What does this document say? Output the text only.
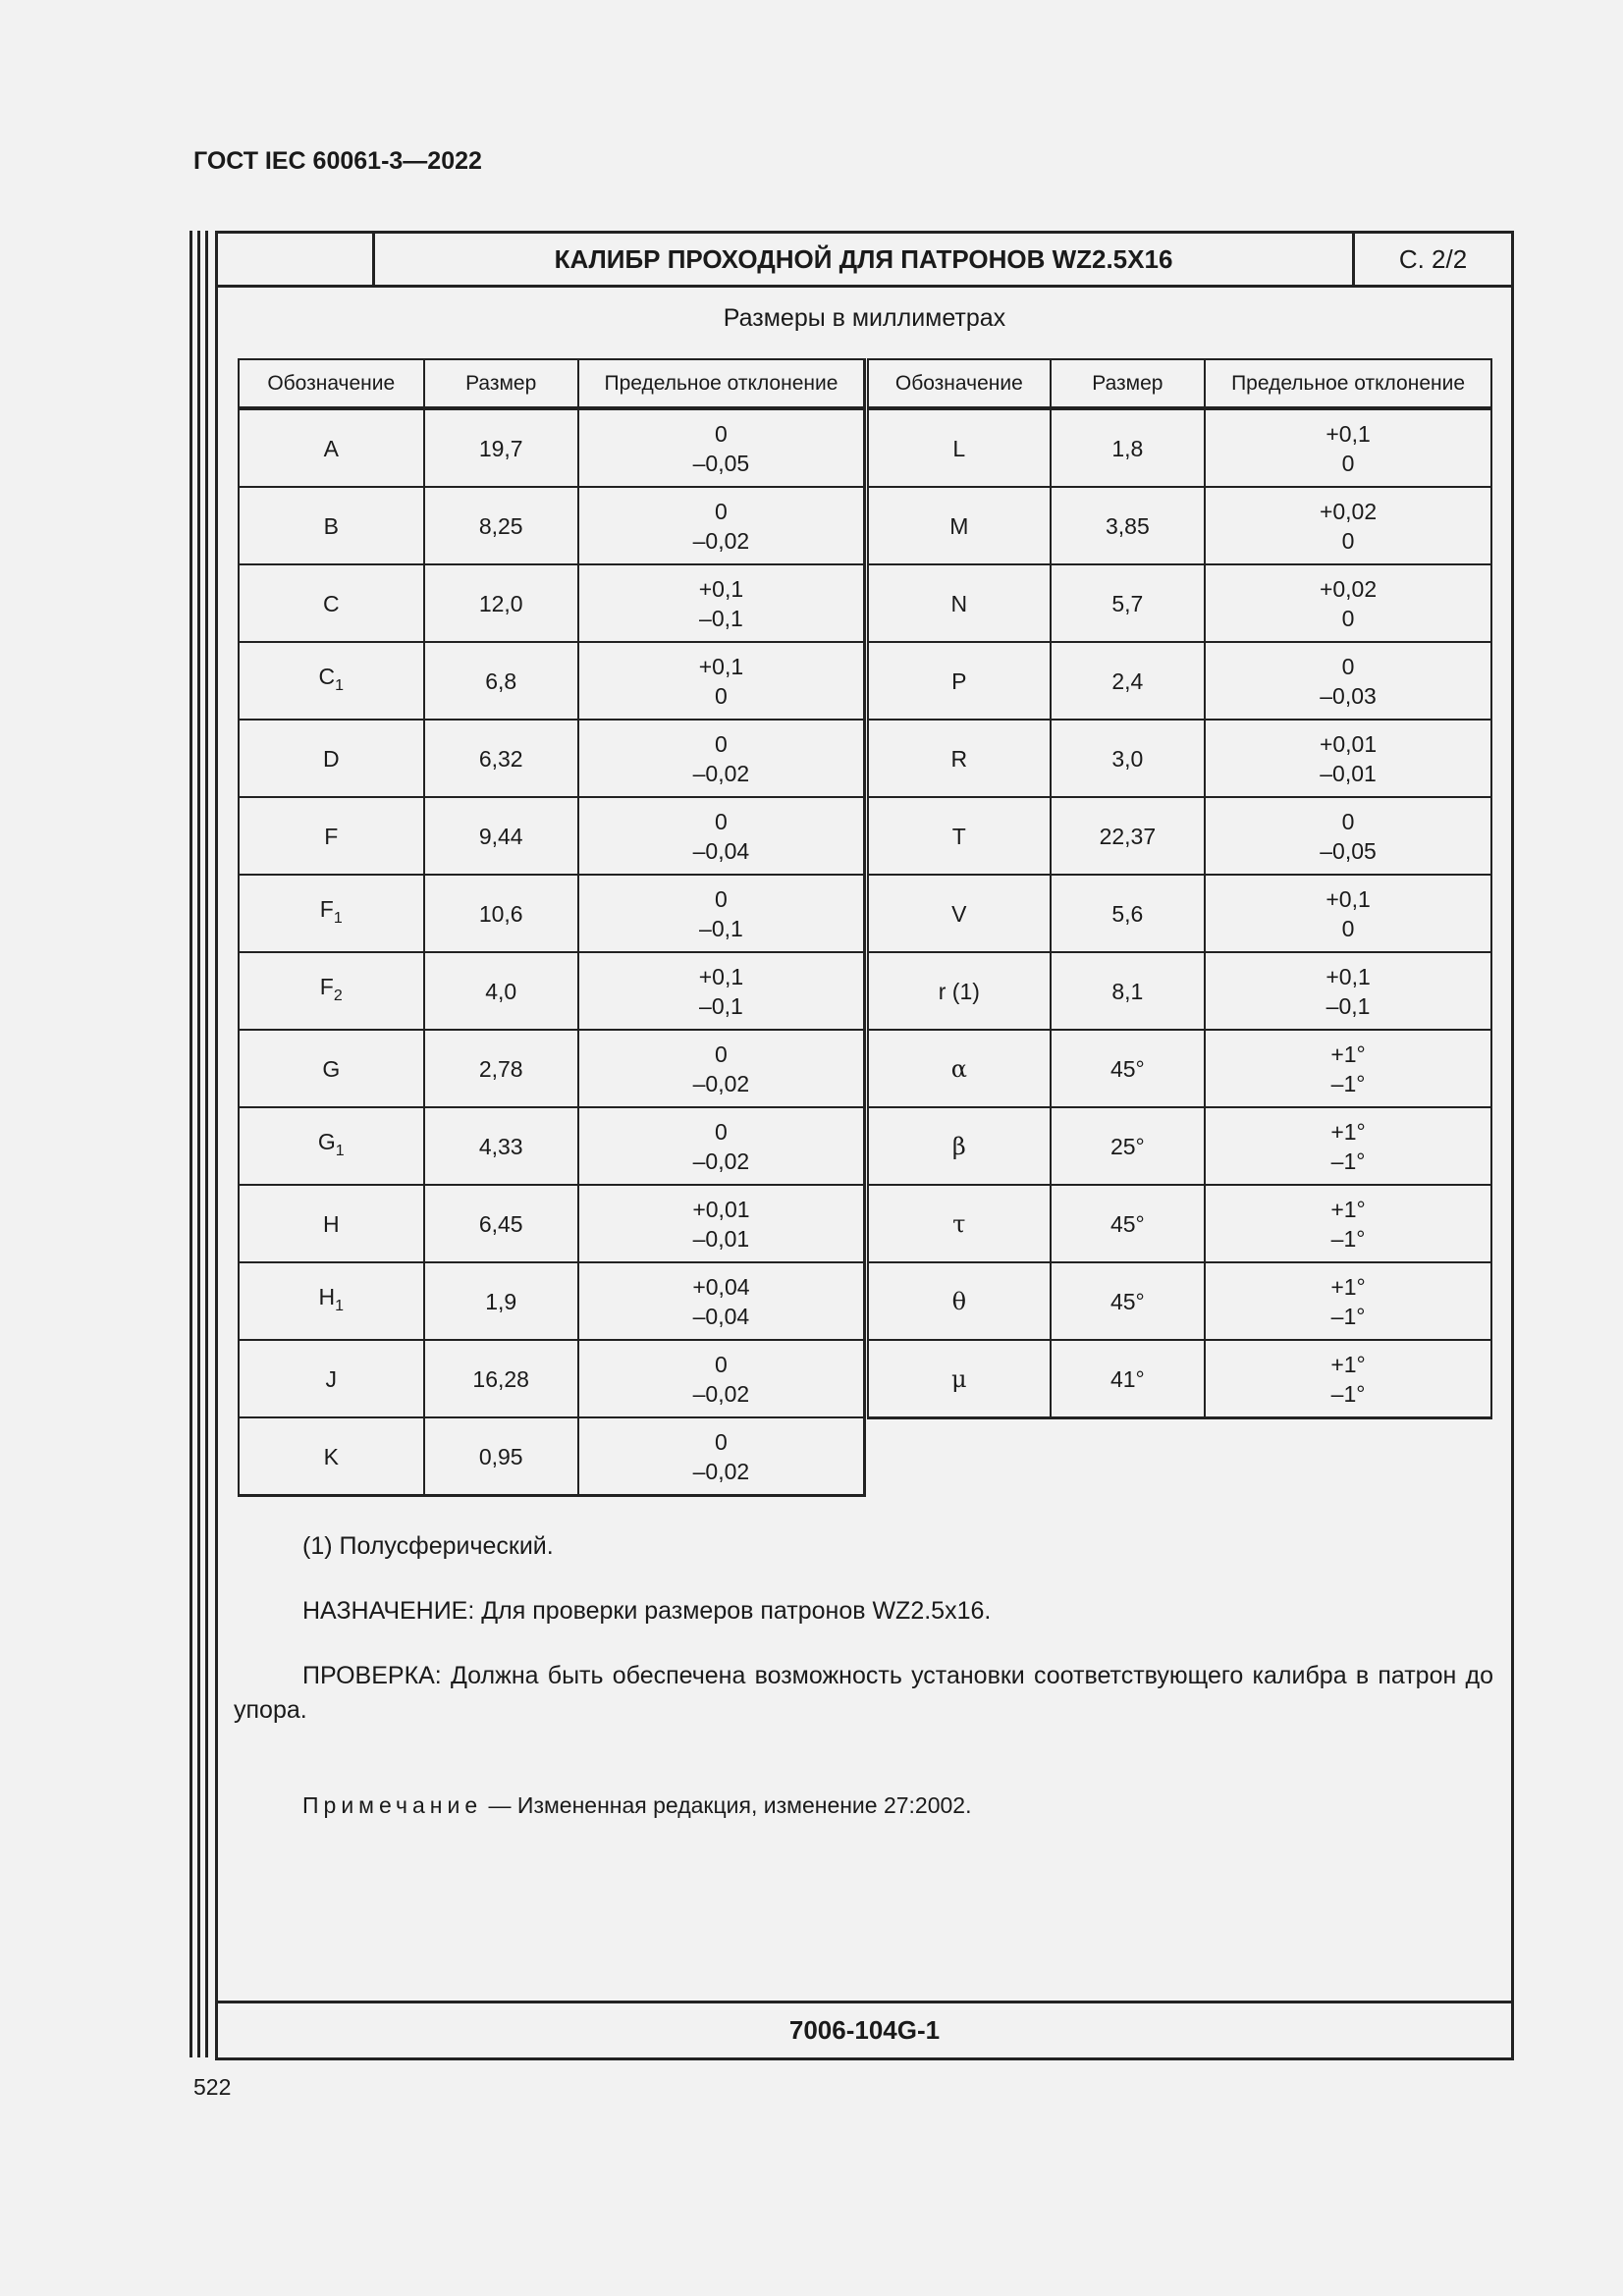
ГОСТ IEC 60061-3—2022
КАЛИБР ПРОХОДНОЙ ДЛЯ ПАТРОНОВ WZ2.5X16	С. 2/2
Размеры в миллиметрах
Обозначение	Размер	Предельное отклонение
A	19,7	0
–0,05

B	8,25	0
–0,02

C	12,0	+0,1
–0,1

$C_1$	6,8	+0,1
0

D	6,32	0
–0,02

F	9,44	0
–0,04

$F_1$	10,6	0
–0,1

$F_2$	4,0	+0,1
–0,1

G	2,78	0
–0,02

$G_1$	4,33	0
–0,02

H	6,45	+0,01
–0,01

$H_1$	1,9	+0,04
–0,04

J	16,28	0
–0,02

K	0,95	0
–0,02
Обозначение	Размер	Предельное отклонение
L	1,8	+0,1
0

M	3,85	+0,02
0

N	5,7	+0,02
0

P	2,4	0
–0,03

R	3,0	+0,01
–0,01

T	22,37	0
–0,05

V	5,6	+0,1
0

r (1)	8,1	+0,1
–0,1

α	45°	+1°
–1°

β	25°	+1°
–1°

τ	45°	+1°
–1°

θ	45°	+1°
–1°

μ	41°	+1°
–1°
(1) Полусферический.
НАЗНАЧЕНИЕ: Для проверки размеров патронов WZ2.5x16.
ПРОВЕРКА: Должна быть обеспечена возможность установки соответствующего калибра в патрон до упора.
Примечание — Измененная редакция, изменение 27:2002.
7006-104G-1
522
